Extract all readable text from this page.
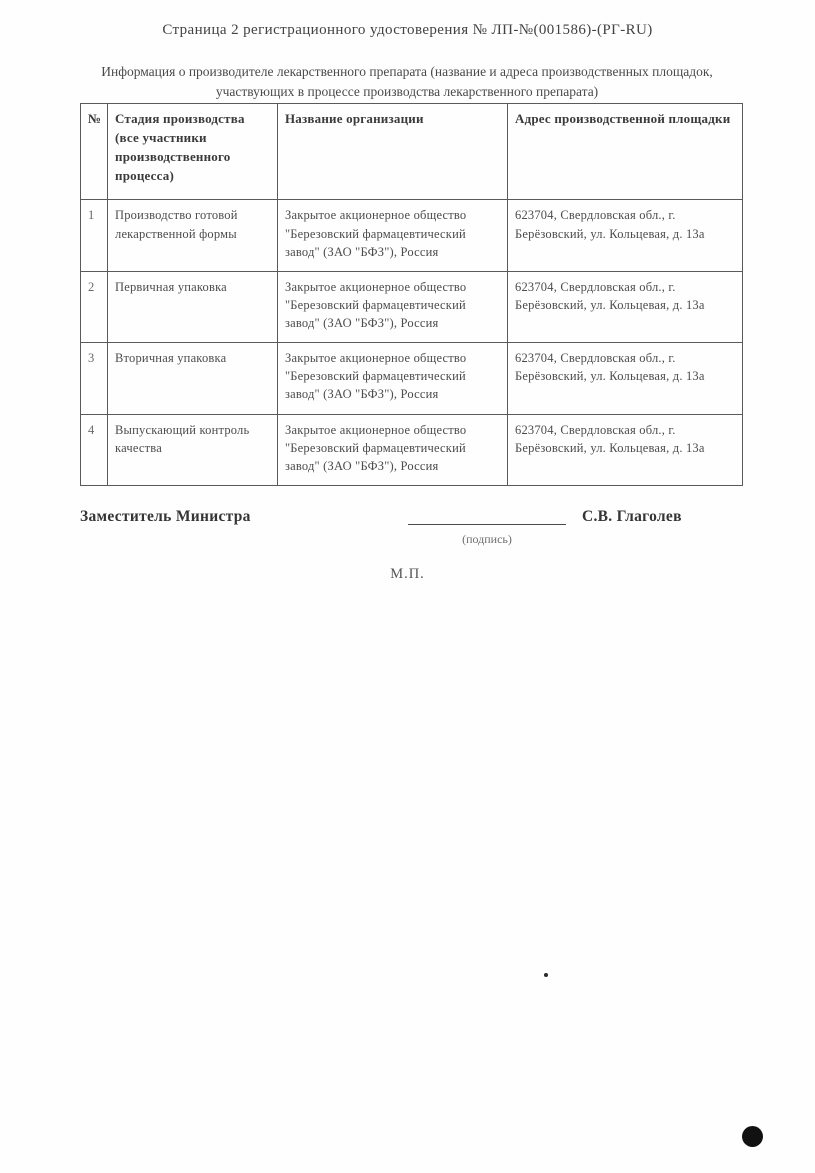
Страница 2 регистрационного удостоверения № ЛП-№(001586)-(РГ-RU)
Информация о производителе лекарственного препарата (название и адреса производственных площадок, участвующих в процессе производства лекарственного препарата)
№	Стадия производства (все участники производственного процесса)	Название организации	Адрес производственной площадки
1	Производство готовой лекарственной формы	Закрытое акционерное общество "Березовский фармацевтический завод" (ЗАО "БФЗ"), Россия	623704, Свердловская обл., г. Берёзовский, ул. Кольцевая, д. 13а
2	Первичная упаковка	Закрытое акционерное общество "Березовский фармацевтический завод" (ЗАО "БФЗ"), Россия	623704, Свердловская обл., г. Берёзовский, ул. Кольцевая, д. 13а
3	Вторичная упаковка	Закрытое акционерное общество "Березовский фармацевтический завод" (ЗАО "БФЗ"), Россия	623704, Свердловская обл., г. Берёзовский, ул. Кольцевая, д. 13а
4	Выпускающий контроль качества	Закрытое акционерное общество "Березовский фармацевтический завод" (ЗАО "БФЗ"), Россия	623704, Свердловская обл., г. Берёзовский, ул. Кольцевая, д. 13а
Заместитель Министра	С.В. Глаголев
(подпись)
М.П.
